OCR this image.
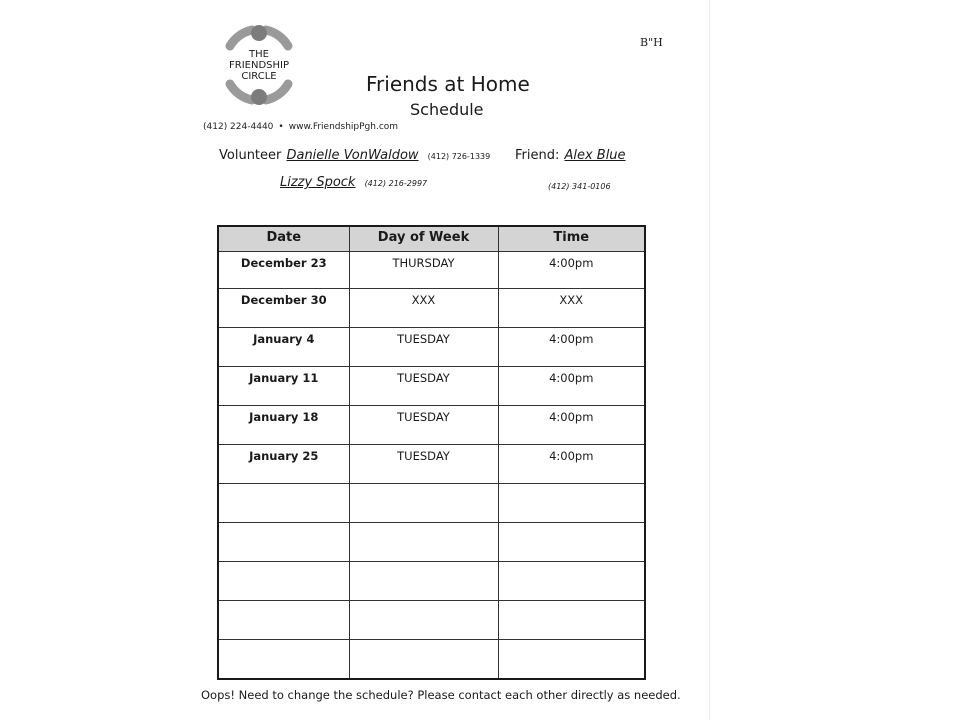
THE
FRIENDSHIP
CIRCLE
B"H
Friends at Home
Schedule
(412) 224-4440 • www.FriendshipPgh.com
Volunteer Danielle VonWaldow (412) 726-1339 Friend: Alex Blue
Lizzy Spock (412) 216-2997	(412) 341-0106
Date	Day of Week	Time
December 23	THURSDAY	4:00pm
December 30	XXX	XXX
January 4	TUESDAY	4:00pm
January 11	TUESDAY	4:00pm
January 18	TUESDAY	4:00pm
January 25	TUESDAY	4:00pm

Oops! Need to change the schedule? Please contact each other directly as needed.
